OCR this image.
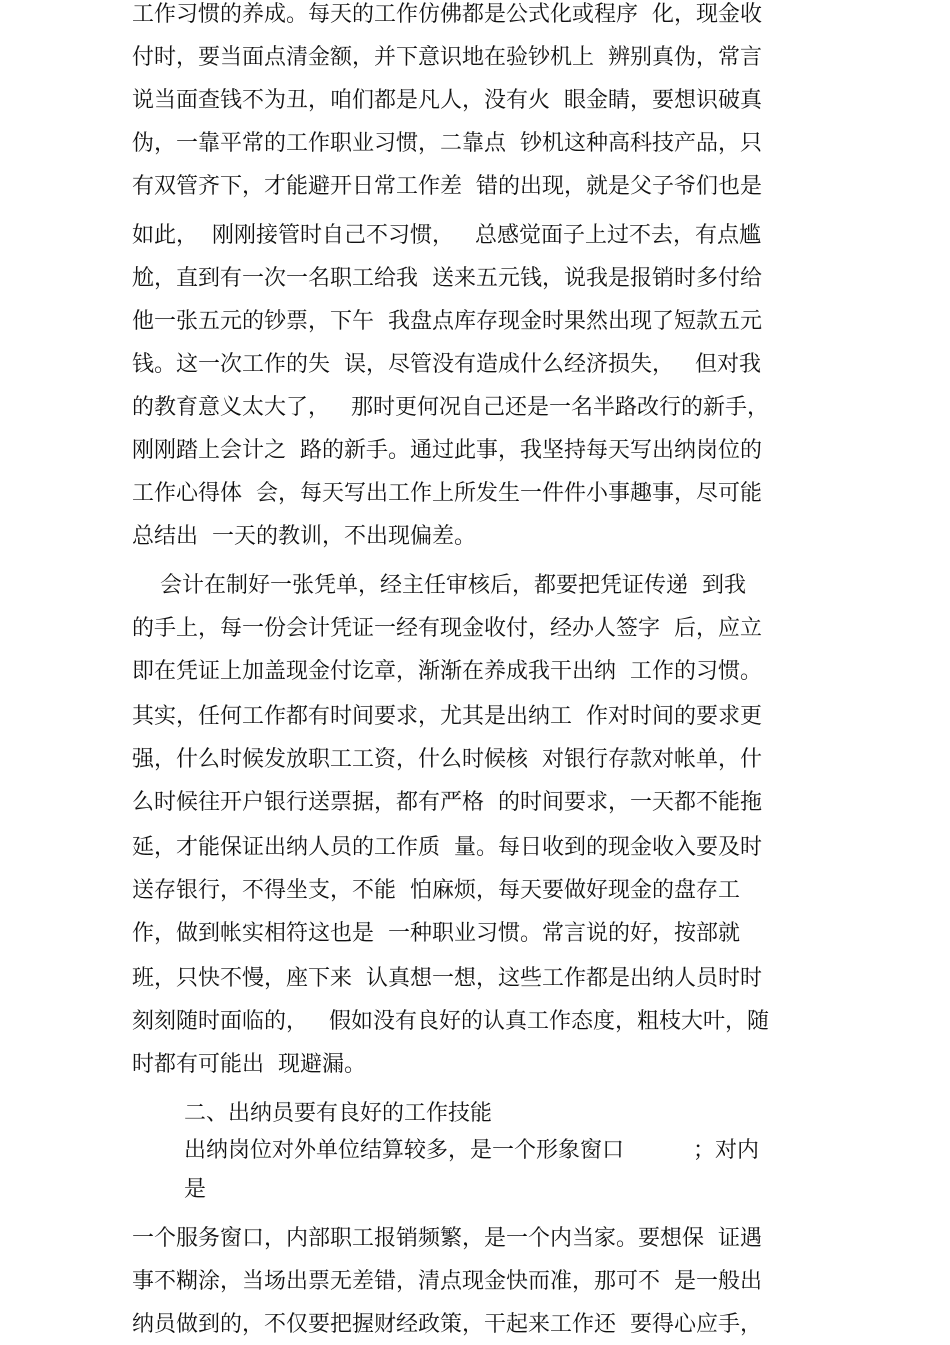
工作习惯的养成。每天的工作仿佛都是公式化或程序  化，现金收
付时，要当面点清金额，并下意识地在验钞机上  辨别真伪，常言
说当面查钱不为丑，咱们都是凡人，没有火  眼金睛，要想识破真
伪，一靠平常的工作职业习惯，二靠点  钞机这种高科技产品，只
有双管齐下，才能避开日常工作差  错的出现，就是父子爷们也是
如此，  刚刚接管时自己不习惯，   总感觉面子上过不去，有点尴
尬，直到有一次一名职工给我  送来五元钱，说我是报销时多付给
他一张五元的钞票，下午  我盘点库存现金时果然出现了短款五元
钱。这一次工作的失  误，尽管没有造成什么经济损失，   但对我
的教育意义太大了，   那时更何况自己还是一名半路改行的新手，
刚刚踏上会计之  路的新手。通过此事，我坚持每天写出纳岗位的
工作心得体  会，每天写出工作上所发生一件件小事趣事，尽可能
总结出  一天的教训，不出现偏差。
会计在制好一张凭单，经主任审核后，都要把凭证传递  到我
的手上，每一份会计凭证一经有现金收付，经办人签字  后，应立
即在凭证上加盖现金付讫章，渐渐在养成我干出纳  工作的习惯。
其实，任何工作都有时间要求，尤其是出纳工  作对时间的要求更
强，什么时候发放职工工资，什么时候核  对银行存款对帐单，什
么时候往开户银行送票据，都有严格  的时间要求，一天都不能拖
延，才能保证出纳人员的工作质  量。每日收到的现金收入要及时
送存银行，不得坐支，不能  怕麻烦，每天要做好现金的盘存工
作，做到帐实相符这也是  一种职业习惯。常言说的好，按部就
班，只快不慢，座下来  认真想一想，这些工作都是出纳人员时时
刻刻随时面临的，   假如没有良好的认真工作态度，粗枝大叶，随
时都有可能出  现避漏。
二、出纳员要有良好的工作技能
出纳岗位对外单位结算较多，是一个形象窗口	；对内
是
一个服务窗口，内部职工报销频繁，是一个内当家。要想保  证遇
事不糊涂，当场出票无差错，清点现金快而准，那可不  是一般出
纳员做到的，不仅要把握财经政策，干起来工作还  要得心应手，
